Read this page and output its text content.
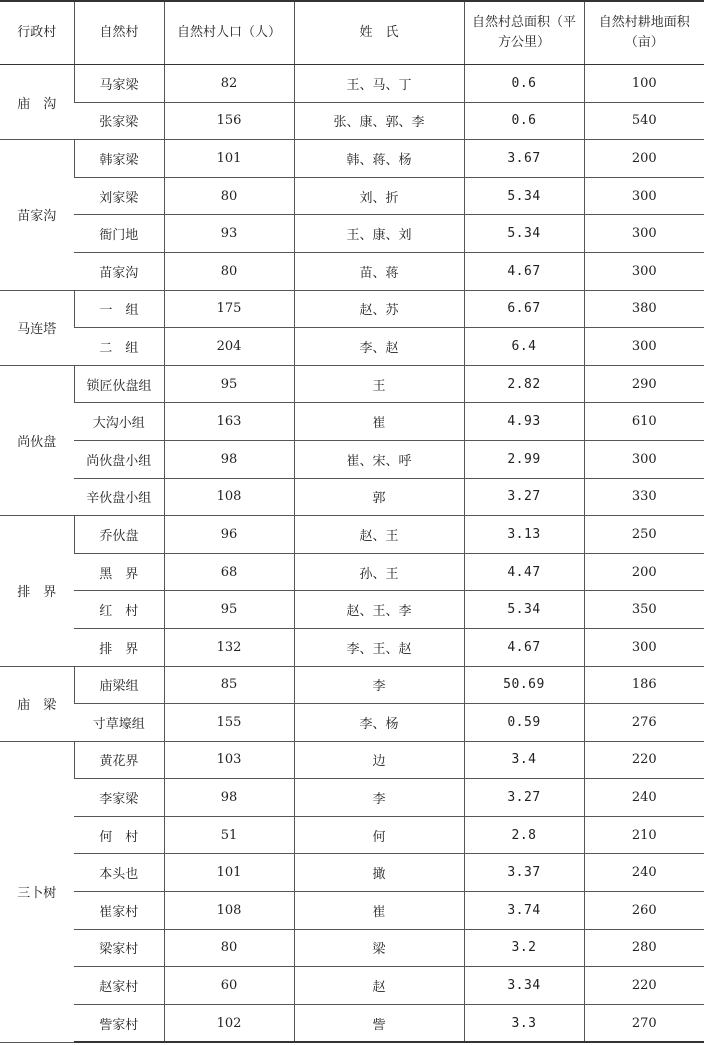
行政村	自然村	自然村人口（人）	姓　氏	自然村总面积（平方公里）	自然村耕地面积（亩）
庙　沟	马家梁	82	王、马、丁	0.6	100
	张家梁	156	张、康、郭、李	0.6	540
苗家沟	韩家梁	101	韩、蒋、杨	3.67	200
	刘家梁	80	刘、折	5.34	300
	衙门地	93	王、康、刘	5.34	300
	苗家沟	80	苗、蒋	4.67	300
马连塔	一　组	175	赵、苏	6.67	380
	二　组	204	李、赵	6.4	300
尚伙盘	锁匠伙盘组	95	王	2.82	290
	大沟小组	163	崔	4.93	610
	尚伙盘小组	98	崔、宋、呼	2.99	300
	辛伙盘小组	108	郭	3.27	330
排　界	乔伙盘	96	赵、王	3.13	250
	黑　界	68	孙、王	4.47	200
	红　村	95	赵、王、李	5.34	350
	排　界	132	李、王、赵	4.67	300
庙　梁	庙梁组	85	李	50.69	186
	寸草壕组	155	李、杨	0.59	276
三卜树	黄花界	103	边	3.4	220
	李家梁	98	李	3.27	240
	何　村	51	何	2.8	210
	本头也	101	撖	3.37	240
	崔家村	108	崔	3.74	260
	梁家村	80	梁	3.2	280
	赵家村	60	赵	3.34	220
	訾家村	102	訾	3.3	270
